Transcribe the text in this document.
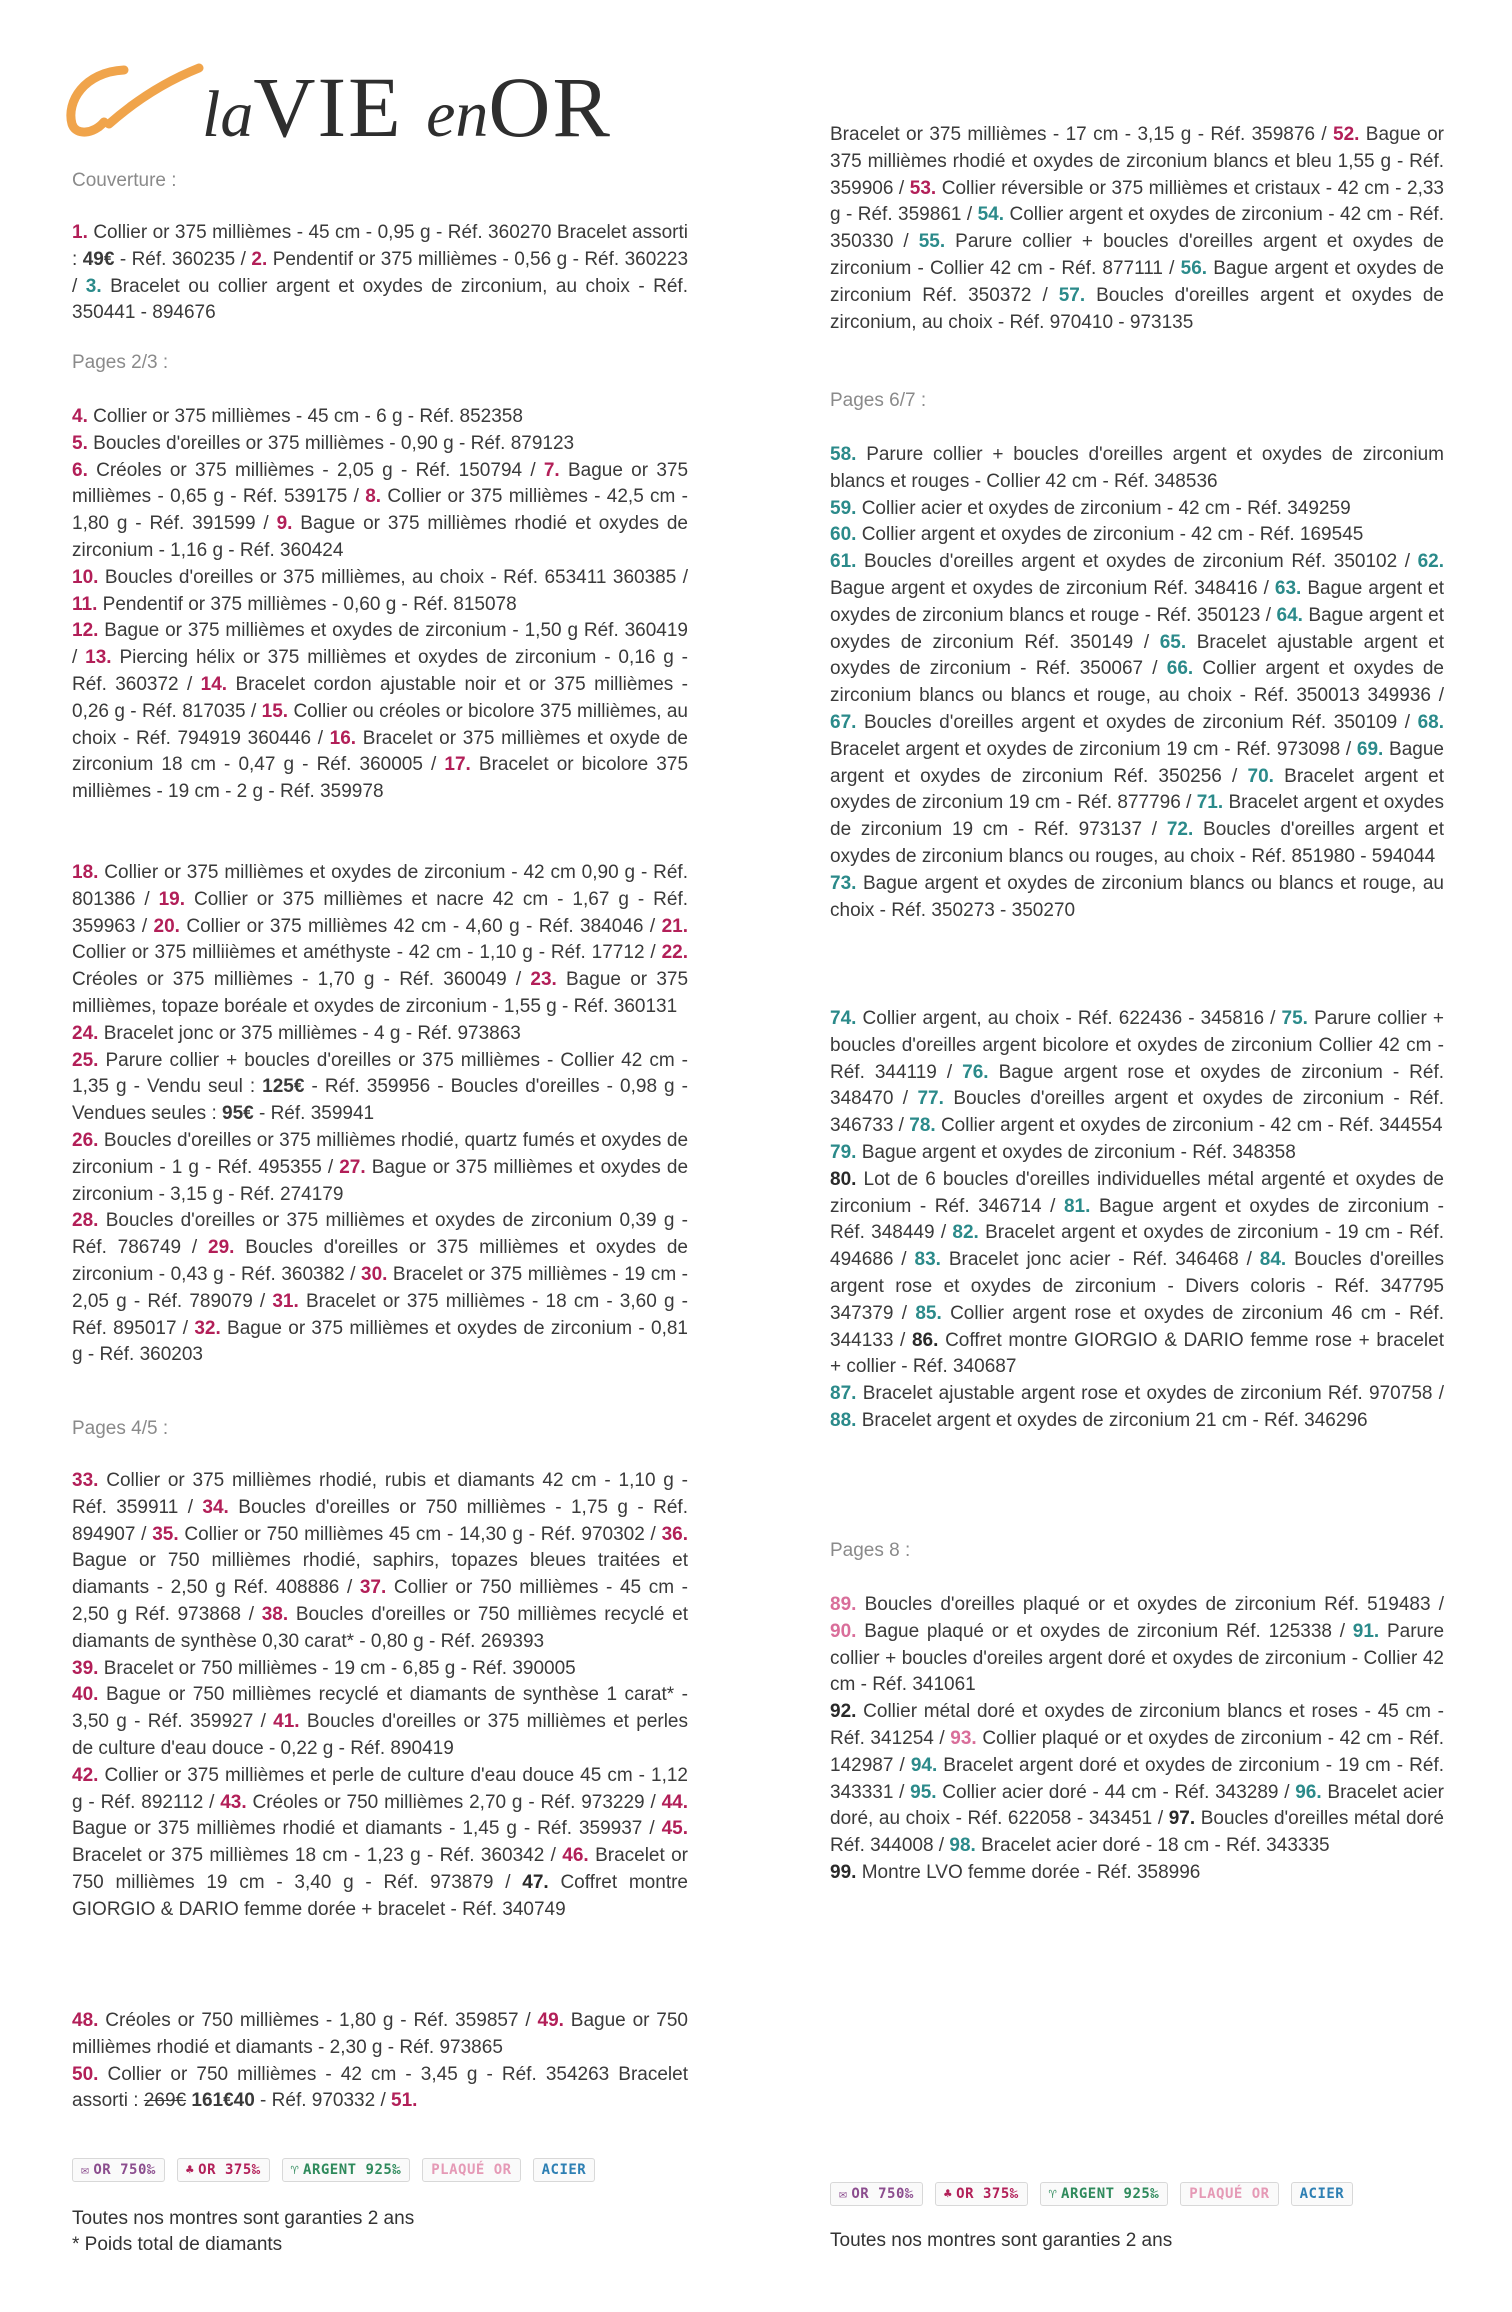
laVIE enOR
Couverture :

1. Collier or 375 millièmes - 45 cm - 0,95 g - Réf. 360270 Bracelet assorti : 49€ - Réf. 360235 / 2. Pendentif or 375 millièmes - 0,56 g - Réf. 360223 / 3. Bracelet ou collier argent et oxydes de zirconium, au choix - Réf. 350441 - 894676

Pages 2/3 :

4. Collier or 375 millièmes - 45 cm - 6 g - Réf. 852358
5. Boucles d'oreilles or 375 millièmes - 0,90 g - Réf. 879123
6. Créoles or 375 millièmes - 2,05 g - Réf. 150794 / 7. Bague or 375 millièmes - 0,65 g - Réf. 539175 / 8. Collier or 375 millièmes - 42,5 cm - 1,80 g - Réf. 391599 / 9. Bague or 375 millièmes rhodié et oxydes de zirconium - 1,16 g - Réf. 360424
10. Boucles d'oreilles or 375 millièmes, au choix - Réf. 653411 360385 / 11. Pendentif or 375 millièmes - 0,60 g - Réf. 815078
12. Bague or 375 millièmes et oxydes de zirconium - 1,50 g Réf. 360419 / 13. Piercing hélix or 375 millièmes et oxydes de zirconium - 0,16 g - Réf. 360372 / 14. Bracelet cordon ajustable noir et or 375 millièmes - 0,26 g - Réf. 817035 / 15. Collier ou créoles or bicolore 375 millièmes, au choix - Réf. 794919 360446 / 16. Bracelet or 375 millièmes et oxyde de zirconium 18 cm - 0,47 g - Réf. 360005 / 17. Bracelet or bicolore 375 millièmes - 19 cm - 2 g - Réf. 359978

18. Collier or 375 millièmes et oxydes de zirconium - 42 cm 0,90 g - Réf. 801386 / 19. Collier or 375 millièmes et nacre 42 cm - 1,67 g - Réf. 359963 / 20. Collier or 375 millièmes 42 cm - 4,60 g - Réf. 384046 / 21. Collier or 375 milliièmes et améthyste - 42 cm - 1,10 g - Réf. 17712 / 22. Créoles or 375 millièmes - 1,70 g - Réf. 360049 / 23. Bague or 375 millièmes, topaze boréale et oxydes de zirconium - 1,55 g - Réf. 360131
24. Bracelet jonc or 375 millièmes - 4 g - Réf. 973863
25. Parure collier + boucles d'oreilles or 375 millièmes - Collier 42 cm - 1,35 g - Vendu seul : 125€ - Réf. 359956 - Boucles d'oreilles - 0,98 g - Vendues seules : 95€ - Réf. 359941
26. Boucles d'oreilles or 375 millièmes rhodié, quartz fumés et oxydes de zirconium - 1 g - Réf. 495355 / 27. Bague or 375 millièmes et oxydes de zirconium - 3,15 g - Réf. 274179
28. Boucles d'oreilles or 375 millièmes et oxydes de zirconium 0,39 g - Réf. 786749 / 29. Boucles d'oreilles or 375 millièmes et oxydes de zirconium - 0,43 g - Réf. 360382 / 30. Bracelet or 375 millièmes - 19 cm - 2,05 g - Réf. 789079 / 31. Bracelet or 375 millièmes - 18 cm - 3,60 g - Réf. 895017 / 32. Bague or 375 millièmes et oxydes de zirconium - 0,81 g - Réf. 360203

Pages 4/5 :

33. Collier or 375 millièmes rhodié, rubis et diamants 42 cm - 1,10 g - Réf. 359911 / 34. Boucles d'oreilles or 750 millièmes - 1,75 g - Réf. 894907 / 35. Collier or 750 millièmes 45 cm - 14,30 g - Réf. 970302 / 36. Bague or 750 millièmes rhodié, saphirs, topazes bleues traitées et diamants - 2,50 g Réf. 408886 / 37. Collier or 750 millièmes - 45 cm - 2,50 g Réf. 973868 / 38. Boucles d'oreilles or 750 millièmes recyclé et diamants de synthèse 0,30 carat* - 0,80 g - Réf. 269393
39. Bracelet or 750 millièmes - 19 cm - 6,85 g - Réf. 390005
40. Bague or 750 millièmes recyclé et diamants de synthèse 1 carat* - 3,50 g - Réf. 359927 / 41. Boucles d'oreilles or 375 millièmes et perles de culture d'eau douce - 0,22 g - Réf. 890419
42. Collier or 375 millièmes et perle de culture d'eau douce 45 cm - 1,12 g - Réf. 892112 / 43. Créoles or 750 millièmes 2,70 g - Réf. 973229 / 44. Bague or 375 millièmes rhodié et diamants - 1,45 g - Réf. 359937 / 45. Bracelet or 375 millièmes 18 cm - 1,23 g - Réf. 360342 / 46. Bracelet or 750 millièmes 19 cm - 3,40 g - Réf. 973879 / 47. Coffret montre GIORGIO & DARIO femme dorée + bracelet - Réf. 340749

48. Créoles or 750 millièmes - 1,80 g - Réf. 359857 / 49. Bague or 750 millièmes rhodié et diamants - 2,30 g - Réf. 973865
50. Collier or 750 millièmes - 42 cm - 3,45 g - Réf. 354263 Bracelet assorti : 269€ 161€40 - Réf. 970332 / 51.

✉ OR 750‰	♣ OR 375‰	♈ ARGENT 925‰	PLAQUÉ OR	ACIER
Toutes nos montres sont garanties 2 ans
* Poids total de diamants

Bracelet or 375 millièmes - 17 cm - 3,15 g - Réf. 359876 / 52. Bague or 375 millièmes rhodié et oxydes de zirconium blancs et bleu 1,55 g - Réf. 359906 / 53. Collier réversible or 375 millièmes et cristaux - 42 cm - 2,33 g - Réf. 359861 / 54. Collier argent et oxydes de zirconium - 42 cm - Réf. 350330 / 55. Parure collier + boucles d'oreilles argent et oxydes de zirconium - Collier 42 cm - Réf. 877111 / 56. Bague argent et oxydes de zirconium Réf. 350372 / 57. Boucles d'oreilles argent et oxydes de zirconium, au choix - Réf. 970410 - 973135

Pages 6/7 :

58. Parure collier + boucles d'oreilles argent et oxydes de zirconium blancs et rouges - Collier 42 cm - Réf. 348536
59. Collier acier et oxydes de zirconium - 42 cm - Réf. 349259
60. Collier argent et oxydes de zirconium - 42 cm - Réf. 169545
61. Boucles d'oreilles argent et oxydes de zirconium Réf. 350102 / 62. Bague argent et oxydes de zirconium Réf. 348416 / 63. Bague argent et oxydes de zirconium blancs et rouge - Réf. 350123 / 64. Bague argent et oxydes de zirconium Réf. 350149 / 65. Bracelet ajustable argent et oxydes de zirconium - Réf. 350067 / 66. Collier argent et oxydes de zirconium blancs ou blancs et rouge, au choix - Réf. 350013 349936 / 67. Boucles d'oreilles argent et oxydes de zirconium Réf. 350109 / 68. Bracelet argent et oxydes de zirconium 19 cm - Réf. 973098 / 69. Bague argent et oxydes de zirconium Réf. 350256 / 70. Bracelet argent et oxydes de zirconium 19 cm - Réf. 877796 / 71. Bracelet argent et oxydes de zirconium 19 cm - Réf. 973137 / 72. Boucles d'oreilles argent et oxydes de zirconium blancs ou rouges, au choix - Réf. 851980 - 594044
73. Bague argent et oxydes de zirconium blancs ou blancs et rouge, au choix - Réf. 350273 - 350270

74. Collier argent, au choix - Réf. 622436 - 345816 / 75. Parure collier + boucles d'oreilles argent bicolore et oxydes de zirconium Collier 42 cm - Réf. 344119 / 76. Bague argent rose et oxydes de zirconium - Réf. 348470 / 77. Boucles d'oreilles argent et oxydes de zirconium - Réf. 346733 / 78. Collier argent et oxydes de zirconium - 42 cm - Réf. 344554
79. Bague argent et oxydes de zirconium - Réf. 348358
80. Lot de 6 boucles d'oreilles individuelles métal argenté et oxydes de zirconium - Réf. 346714 / 81. Bague argent et oxydes de zirconium - Réf. 348449 / 82. Bracelet argent et oxydes de zirconium - 19 cm - Réf. 494686 / 83. Bracelet jonc acier - Réf. 346468 / 84. Boucles d'oreilles argent rose et oxydes de zirconium - Divers coloris - Réf. 347795 347379 / 85. Collier argent rose et oxydes de zirconium 46 cm - Réf. 344133 / 86. Coffret montre GIORGIO & DARIO femme rose + bracelet + collier - Réf. 340687
87. Bracelet ajustable argent rose et oxydes de zirconium Réf. 970758 / 88. Bracelet argent et oxydes de zirconium 21 cm - Réf. 346296

Pages 8 :

89. Boucles d'oreilles plaqué or et oxydes de zirconium Réf. 519483 / 90. Bague plaqué or et oxydes de zirconium Réf. 125338 / 91. Parure collier + boucles d'oreiles argent doré et oxydes de zirconium - Collier 42 cm - Réf. 341061
92. Collier métal doré et oxydes de zirconium blancs et roses - 45 cm - Réf. 341254 / 93. Collier plaqué or et oxydes de zirconium - 42 cm - Réf. 142987 / 94. Bracelet argent doré et oxydes de zirconium - 19 cm - Réf. 343331 / 95. Collier acier doré - 44 cm - Réf. 343289 / 96. Bracelet acier doré, au choix - Réf. 622058 - 343451 / 97. Boucles d'oreilles métal doré Réf. 344008 / 98. Bracelet acier doré - 18 cm - Réf. 343335
99. Montre LVO femme dorée - Réf. 358996

✉ OR 750‰	♣ OR 375‰	♈ ARGENT 925‰	PLAQUÉ OR	ACIER
Toutes nos montres sont garanties 2 ans
